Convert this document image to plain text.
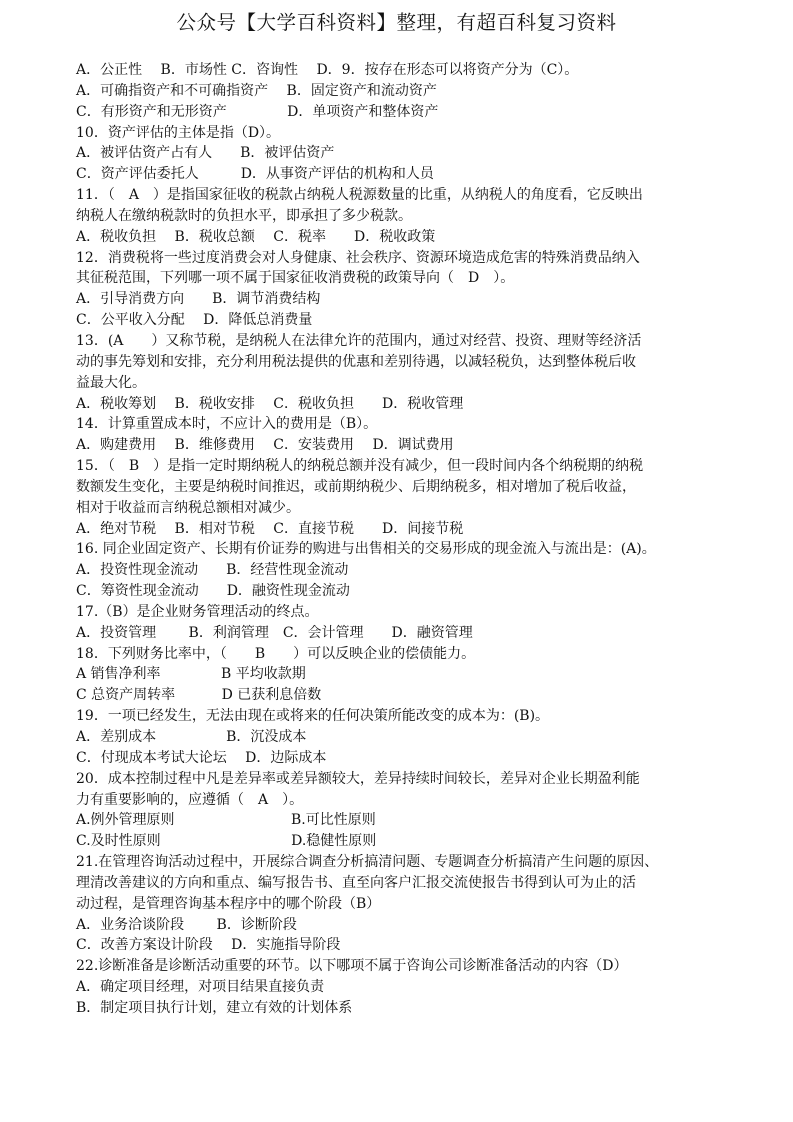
公众号【大学百科资料】整理，有超百科复习资料
A．公正性　 B．市场性 C．咨询性　 D．9．按存在形态可以将资产分为（C）。
A．可确指资产和不可确指资产　 B．固定资产和流动资产
C．有形资产和无形资产　　　　 D．单项资产和整体资产
10．资产评估的主体是指（D）。
A．被评估资产占有人　　B．被评估资产
C．资产评估委托人　　　D．从事资产评估的机构和人员
11．（　A　）是指国家征收的税款占纳税人税源数量的比重，从纳税人的角度看，它反映出
纳税人在缴纳税款时的负担水平，即承担了多少税款。
A．税收负担　 B．税收总额　 C．税率　　D．税收政策
12．消费税将一些过度消费会对人身健康、社会秩序、资源环境造成危害的特殊消费品纳入
其征税范围，下列哪一项不属于国家征收消费税的政策导向（　D　）。
A．引导消费方向　　B．调节消费结构
C．公平收入分配　 D．降低总消费量
13．(A　　）又称节税，是纳税人在法律允许的范围内，通过对经营、投资、理财等经济活
动的事先筹划和安排，充分利用税法提供的优惠和差别待遇，以减轻税负，达到整体税后收
益最大化。
A．税收筹划　 B．税收安排　 C．税收负担　　D．税收管理
14．计算重置成本时，不应计入的费用是（B）。
A．购建费用　 B．维修费用　 C．安装费用　 D．调试费用
15．（　B　）是指一定时期纳税人的纳税总额并没有减少，但一段时间内各个纳税期的纳税
数额发生变化，主要是纳税时间推迟，或前期纳税少、后期纳税多，相对增加了税后收益，
相对于收益而言纳税总额相对减少。
A．绝对节税　 B．相对节税　 C．直接节税　　D．间接节税
16. 同企业固定资产、长期有价证券的购进与出售相关的交易形成的现金流入与流出是：(A)。
A．投资性现金流动　　B．经营性现金流动
C．筹资性现金流动　　D．融资性现金流动
17.（B）是企业财务管理活动的终点。
A．投资管理　　 B．利润管理　C．会计管理　　D．融资管理
18．下列财务比率中，（　　B　　）可以反映企业的偿债能力。
A 销售净利率　　　　 B 平均收款期
C 总资产周转率　　　 D 已获利息倍数
19．一项已经发生，无法由现在或将来的任何决策所能改变的成本为：(B)。
A．差别成本　　　　　B．沉没成本
C．付现成本考试大论坛　 D．边际成本
20．成本控制过程中凡是差异率或差异额较大，差异持续时间较长，差异对企业长期盈利能
力有重要影响的，应遵循（　A　）。
A.例外管理原则　　　　　　　　 B.可比性原则
C.及时性原则　　　　　　　　　 D.稳健性原则
21.在管理咨询活动过程中，开展综合调查分析搞清问题、专题调查分析搞清产生问题的原因、
理清改善建议的方向和重点、编写报告书、直至向客户汇报交流使报告书得到认可为止的活
动过程，是管理咨询基本程序中的哪个阶段（B）
A．业务洽谈阶段　　 B．诊断阶段
C．改善方案设计阶段　 D．实施指导阶段
22.诊断准备是诊断活动重要的环节。以下哪项不属于咨询公司诊断准备活动的内容（D）
A．确定项目经理，对项目结果直接负责
B．制定项目执行计划，建立有效的计划体系
